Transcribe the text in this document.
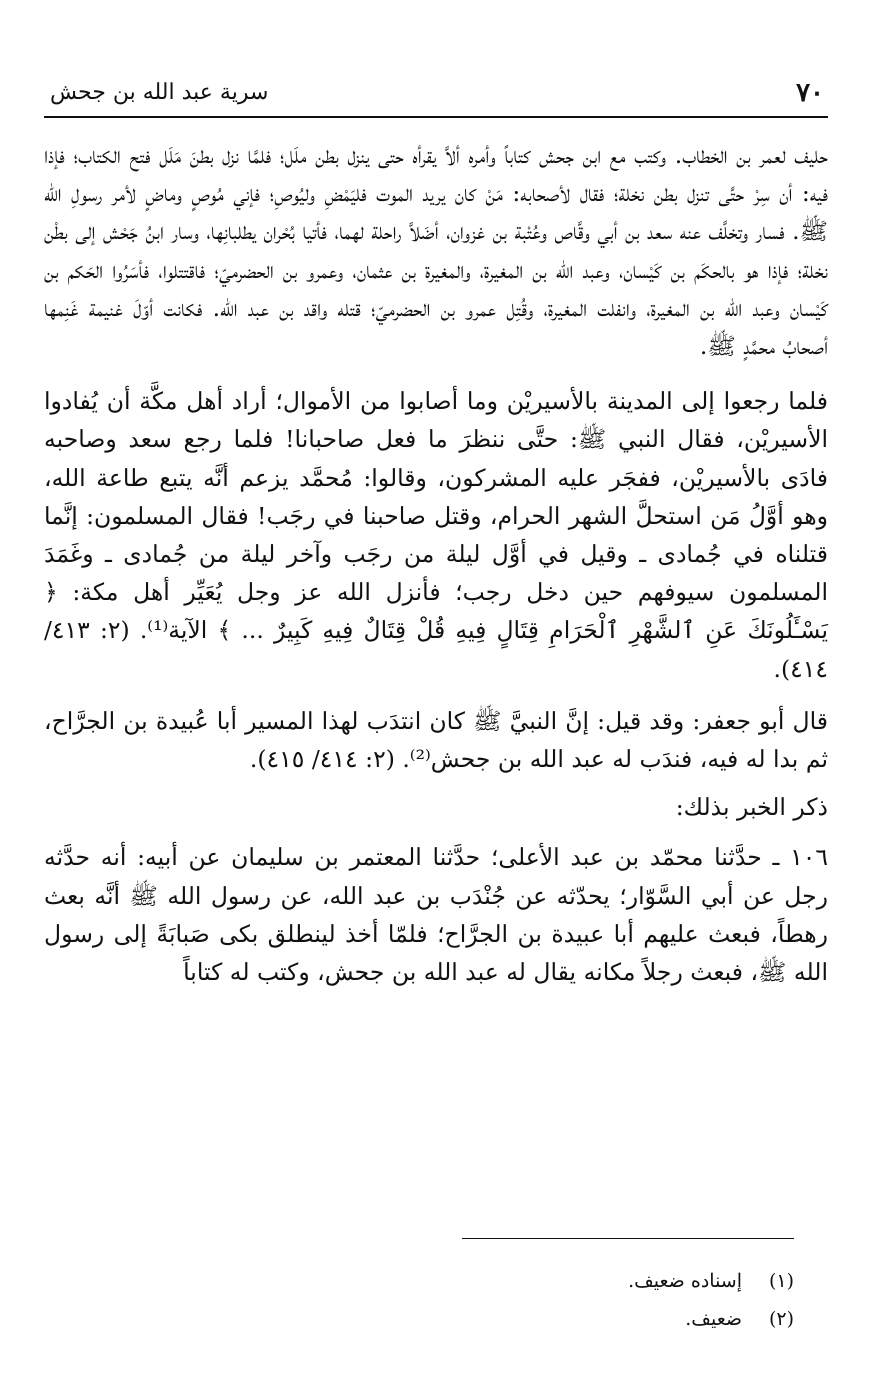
٧٠
سرية عبد الله بن جحش

حليف لعمر بن الخطاب. وكتب مع ابن جحش كتاباً وأمره ألاَّ يقرأه حتى ينزل بطن ملَل؛ فلمَّا نزل بطنَ مَلَل فتح الكتاب؛ فإذا فيه: أن سِرْ حتَّى تنزل بطن نخلة؛ فقال لأصحابه: مَنْ كان يريد الموت فليَمْضِ وليُوصِ؛ فإني مُوصٍ وماضٍ لأمر رسولِ الله ﷺ. فسار وتخلَّف عنه سعد بن أبي وقَّاص وعُتْبة بن غزوان، أضَلاَّ راحلة لهما، فأتيا بُحْران يطلبانِها، وسار ابنُ جَحْش إلى بطْن نخلة؛ فإذا هو بالحكَم بن كَيْسان، وعبد الله بن المغيرة، والمغيرة بن عثمان، وعمرو بن الحضرميّ؛ فاقتتلوا، فأسَرُوا الحَكم بن كَيْسان وعبد الله بن المغيرة، وانفلت المغيرة، وقُتِل عمرو بن الحضرميّ؛ قتله واقد بن عبد الله. فكانت أوّلَ غنيمة غَنِمها أصحابُ محمَّدٍ ﷺ.

فلما رجعوا إلى المدينة بالأسيريْن وما أصابوا من الأموال؛ أراد أهل مكَّة أن يُفادوا الأسيريْن، فقال النبي ﷺ: حتَّى ننظرَ ما فعل صاحبانا! فلما رجع سعد وصاحبه فادَى بالأسيريْن، ففجَر عليه المشركون، وقالوا: مُحمَّد يزعم أنَّه يتبع طاعة الله، وهو أوَّلُ مَن استحلَّ الشهر الحرام، وقتل صاحبنا في رجَب! فقال المسلمون: إنَّما قتلناه في جُمادى ـ وقيل في أوَّل ليلة من رجَب وآخر ليلة من جُمادى ـ وغَمَدَ المسلمون سيوفهم حين دخل رجب؛ فأنزل الله عز وجل يُعَيِّر أهل مكة: ﴿ يَسْـَٔلُونَكَ عَنِ ٱلشَّهْرِ ٱلْحَرَامِ قِتَالٍ فِيهِ قُلْ قِتَالٌ فِيهِ كَبِيرٌ ... ﴾ الآية⁽¹⁾. (٢: ٤١٣/ ٤١٤).

قال أبو جعفر: وقد قيل: إنَّ النبيَّ ﷺ كان انتدَب لهذا المسير أبا عُبيدة بن الجرَّاح، ثم بدا له فيه، فندَب له عبد الله بن جحش⁽²⁾. (٢: ٤١٤/ ٤١٥).

ذكر الخبر بذلك:

١٠٦ ـ حدَّثنا محمّد بن عبد الأعلى؛ حدَّثنا المعتمر بن سليمان عن أبيه: أنه حدَّثه رجل عن أبي السَّوّار؛ يحدّثه عن جُنْدَب بن عبد الله، عن رسول الله ﷺ أنَّه بعث رهطاً، فبعث عليهم أبا عبيدة بن الجرَّاح؛ فلمّا أخذ لينطلق بكى صَبابَةً إلى رسول الله ﷺ، فبعث رجلاً مكانه يقال له عبد الله بن جحش، وكتب له كتاباً

(١)
إسناده ضعيف.
(٢)
ضعيف.
